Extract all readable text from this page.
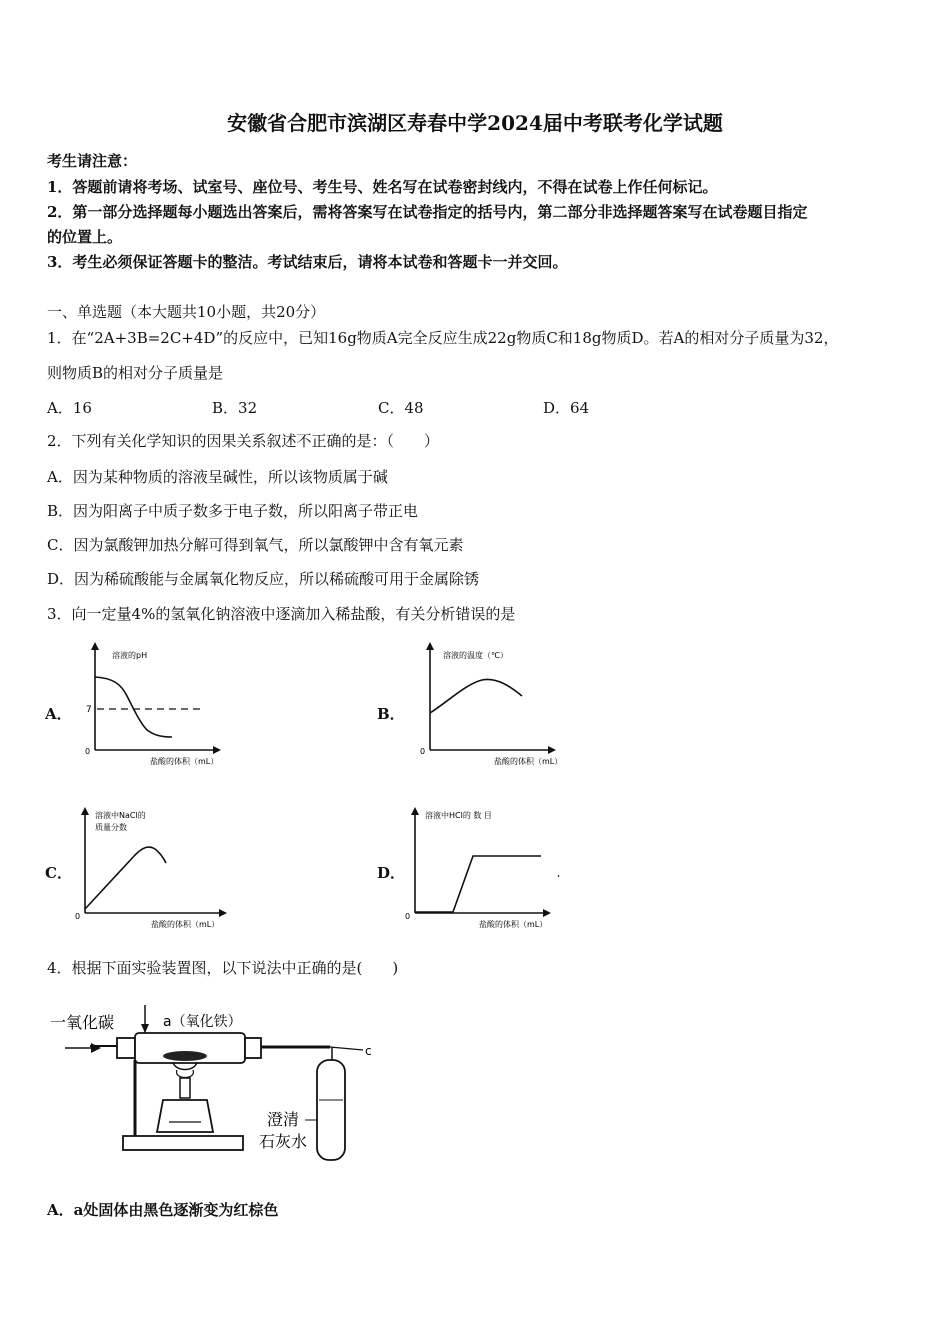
安徽省合肥市滨湖区寿春中学2024届中考联考化学试题
考生请注意：
1．答题前请将考场、试室号、座位号、考生号、姓名写在试卷密封线内，不得在试卷上作任何标记。
2．第一部分选择题每小题选出答案后，需将答案写在试卷指定的括号内，第二部分非选择题答案写在试卷题目指定
的位置上。
3．考生必须保证答题卡的整洁。考试结束后，请将本试卷和答题卡一并交回。
一、单选题（本大题共10小题，共20分）
1．在“2A+3B=2C+4D”的反应中，已知16g物质A完全反应生成22g物质C和18g物质D。若A的相对分子质量为32，
则物质B的相对分子质量是
A．16	B．32	C．48	D．64
2．下列有关化学知识的因果关系叙述不正确的是：（　　）
A．因为某种物质的溶液呈碱性，所以该物质属于碱
B．因为阳离子中质子数多于电子数，所以阳离子带正电
C．因为氯酸钾加热分解可得到氧气，所以氯酸钾中含有氧元素
D．因为稀硫酸能与金属氧化物反应，所以稀硫酸可用于金属除锈
3．向一定量4%的氢氧化钠溶液中逐滴加入稀盐酸，有关分析错误的是
A．
溶液的pH
7
0
盐酸的体积（mL）
B．
溶液的温度（℃）
0
盐酸的体积（mL）
C．
溶液中NaCl的
质量分数
0
盐酸的体积（mL）
D．
溶液中HCl的 数 目
0
盐酸的体积（mL）
4．根据下面实验装置图，以下说法中正确的是(　　)
一氧化碳	a（氧化铁）
c
澄清
石灰水
A．a处固体由黑色逐渐变为红棕色
